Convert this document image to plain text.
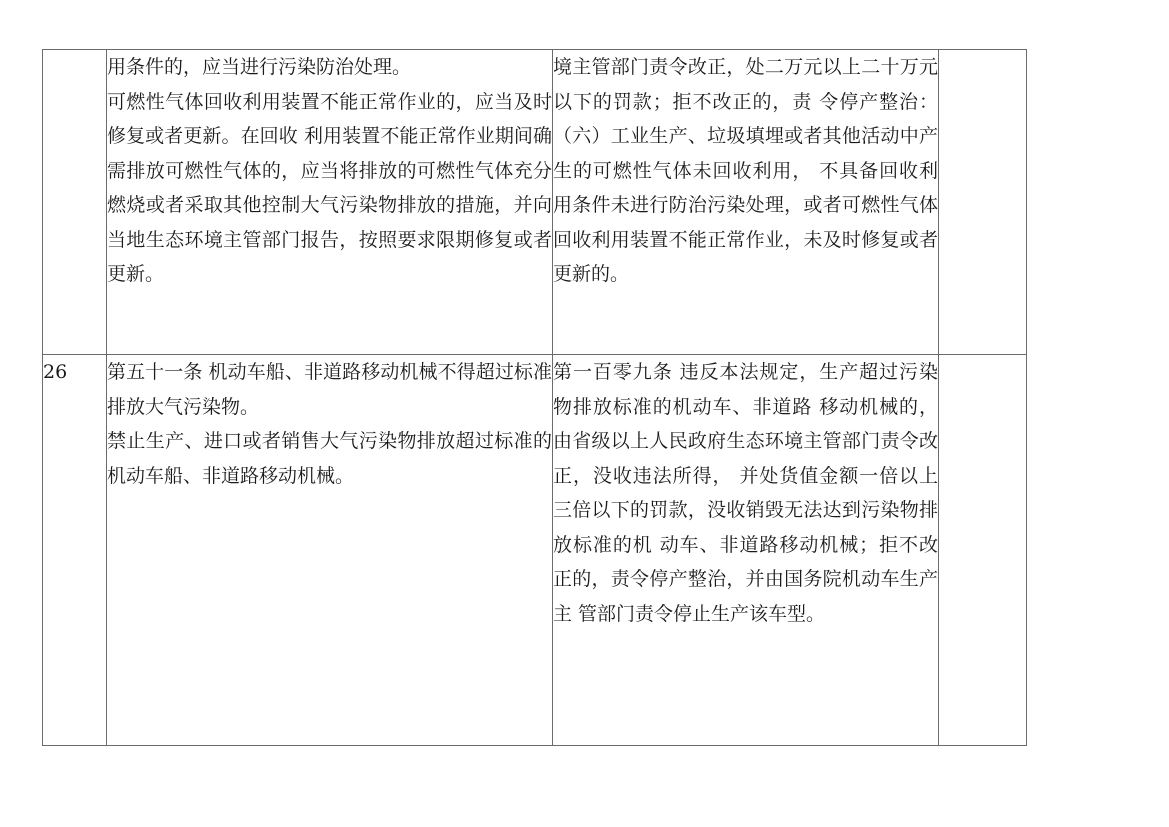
	用条件的，应当进行污染防治处理。

可燃性气体回收利用装置不能正常作业的，应当及时修复或者更新。在回收 利用装置不能正常作业期间确需排放可燃性气体的，应当将排放的可燃性气体充分燃烧或者采取其他控制大气污染物排放的措施，并向当地生态环境主管部门报告，按照要求限期修复或者更新。	境主管部门责令改正，处二万元以上二十万元以下的罚款；拒不改正的，责 令停产整治：（六）工业生产、垃圾填埋或者其他活动中产生的可燃性气体未回收利用， 不具备回收利用条件未进行防治污染处理，或者可燃性气体回收利用装置不能正常作业，未及时修复或者更新的。	

26	第五十一条 机动车船、非道路移动机械不得超过标准排放大气污染物。

禁止生产、进口或者销售大气污染物排放超过标准的机动车船、非道路移动机械。	第一百零九条 违反本法规定，生产超过污染物排放标准的机动车、非道路 移动机械的，由省级以上人民政府生态环境主管部门责令改正，没收违法所得， 并处货值金额一倍以上三倍以下的罚款，没收销毁无法达到污染物排放标准的机 动车、非道路移动机械；拒不改正的，责令停产整治，并由国务院机动车生产主 管部门责令停止生产该车型。	
